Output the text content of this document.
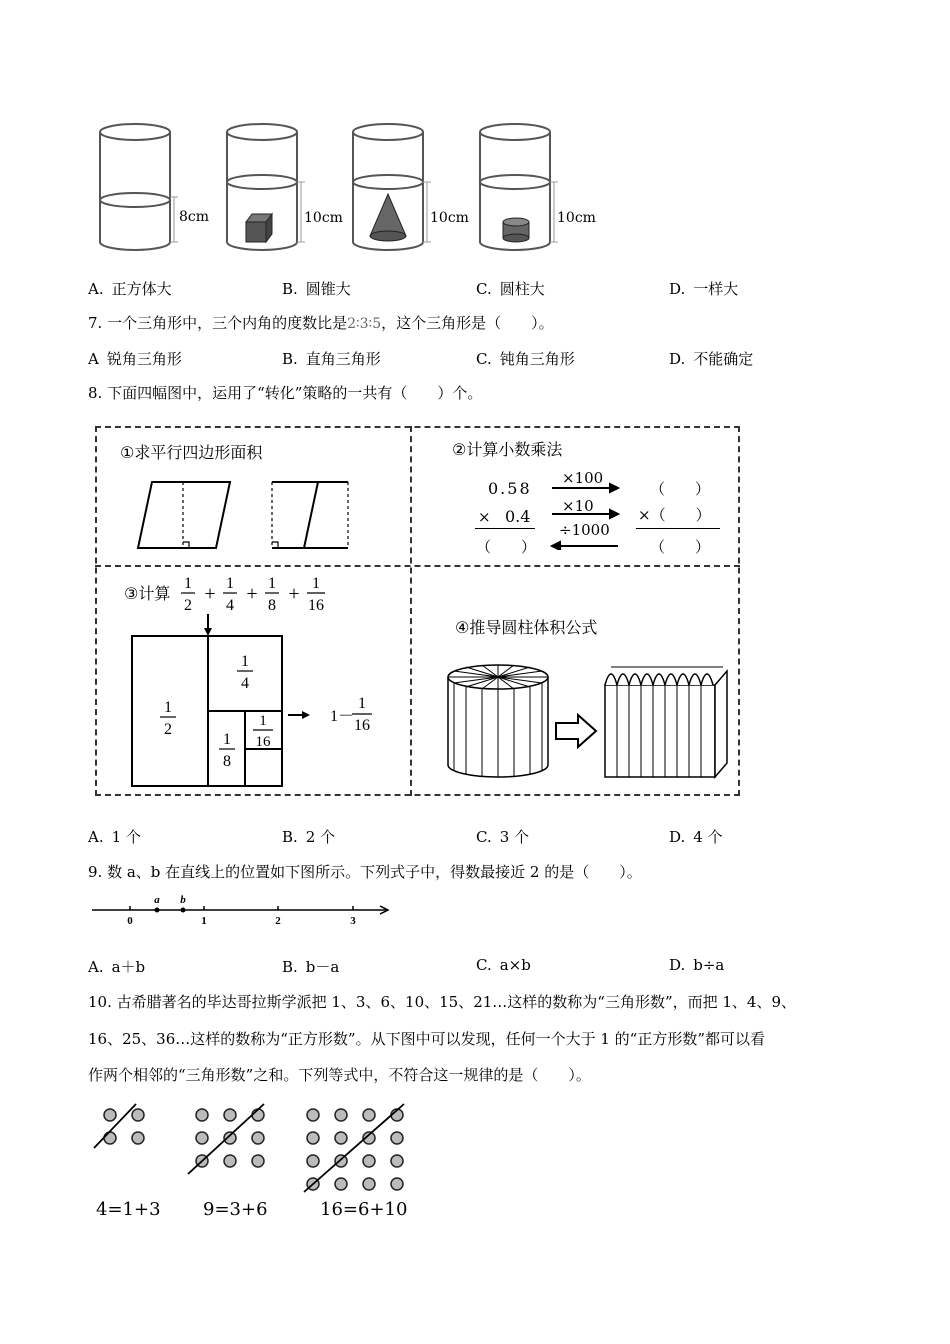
8cm	10cm	10cm	10cm
A. 正方体大	B. 圆锥大	C. 圆柱大	D. 一样大
7. 一个三角形中，三个内角的度数比是2∶3∶5，这个三角形是（　　）。
A 锐角三角形	B. 直角三角形	C. 钝角三角形	D. 不能确定
8. 下面四幅图中，运用了“转化”策略的一共有（　　）个。
①求平行四边形面积	②计算小数乘法
0.58
× 0.4
（　　）
×100
×10
÷1000
（　　）
×（　　）
（　　）
③计算
1
2
+ 1
4
+ 1
8
+ 1
16
1
2
1
4
1
8
1
16
1－
1
16
④推导圆柱体积公式
A. 1 个	B. 2 个	C. 3 个	D. 4 个
9. 数 a、b 在直线上的位置如下图所示。下列式子中，得数最接近 2 的是（　　）。
0	1	2	3
a b
A. a＋b	B. b－a	C. a×b	D. b÷a
10. 古希腊著名的毕达哥拉斯学派把 1、3、6、10、15、21…这样的数称为“三角形数”，而把 1、4、9、
16、25、36…这样的数称为“正方形数”。从下图中可以发现，任何一个大于 1 的“正方形数”都可以看
作两个相邻的“三角形数”之和。下列等式中，不符合这一规律的是（　　）。
4=1+3 9=3+6	16=6+10
